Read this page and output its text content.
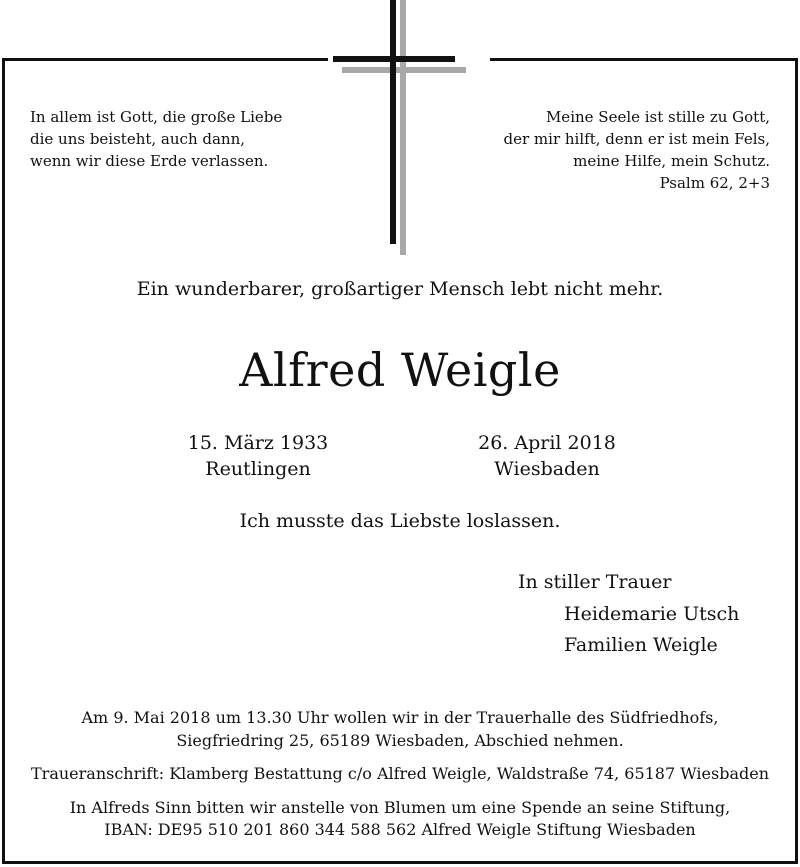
In allem ist Gott, die große Liebe
die uns beisteht, auch dann,
wenn wir diese Erde verlassen.
Meine Seele ist stille zu Gott,
der mir hilft, denn er ist mein Fels,
meine Hilfe, mein Schutz.
Psalm 62, 2+3
Ein wunderbarer, großartiger Mensch lebt nicht mehr.
Alfred Weigle
15. März 1933
Reutlingen
26. April 2018
Wiesbaden
Ich musste das Liebste loslassen.
In stiller Trauer
Heidemarie Utsch
Familien Weigle
Am 9. Mai 2018 um 13.30 Uhr wollen wir in der Trauerhalle des Südfriedhofs,
Siegfriedring 25, 65189 Wiesbaden, Abschied nehmen.
Traueranschrift: Klamberg Bestattung c/o Alfred Weigle, Waldstraße 74, 65187 Wiesbaden
In Alfreds Sinn bitten wir anstelle von Blumen um eine Spende an seine Stiftung,
IBAN: DE95 510 201 860 344 588 562 Alfred Weigle Stiftung Wiesbaden
